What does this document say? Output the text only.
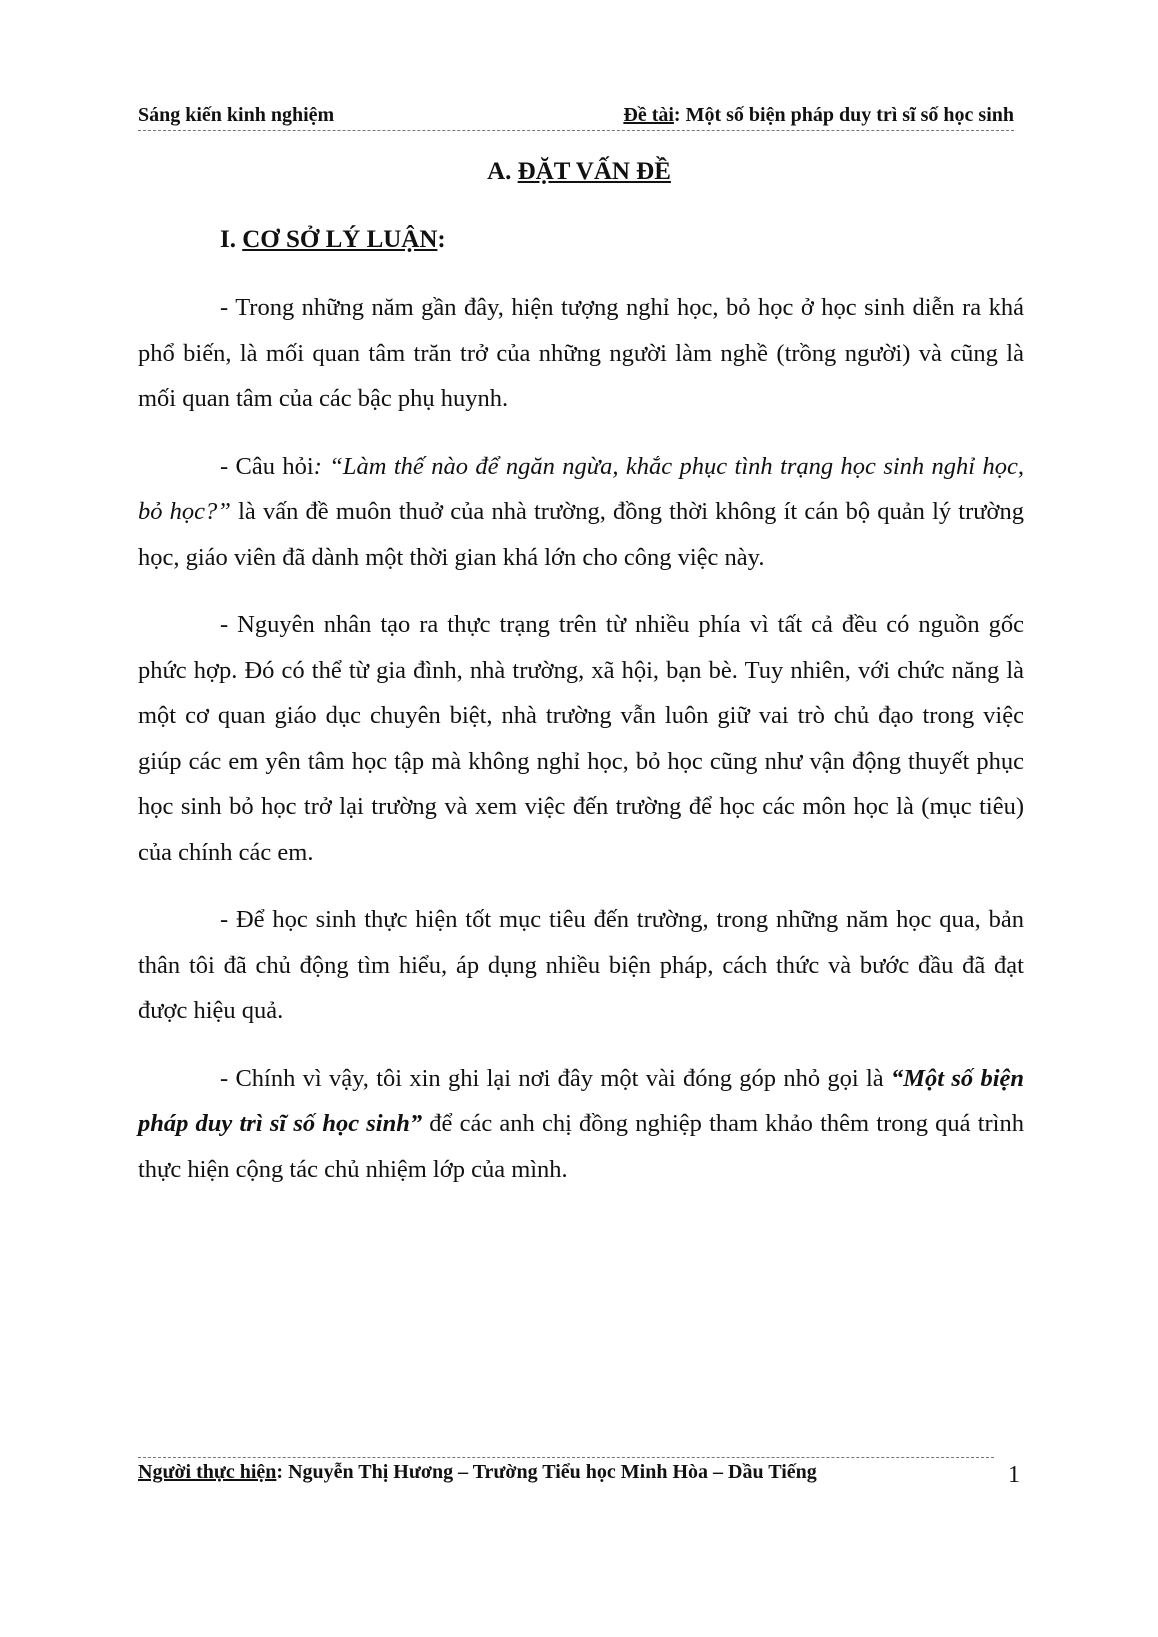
Sáng kiến kinh nghiệm	Đề tài: Một số biện pháp duy trì sĩ số học sinh
A. ĐẶT VẤN ĐỀ
I. CƠ SỞ LÝ LUẬN:

- Trong những năm gần đây, hiện tượng nghỉ học, bỏ học ở học sinh diễn ra khá phổ biến, là mối quan tâm trăn trở của những người làm nghề (trồng người) và cũng là mối quan tâm của các bậc phụ huynh.

- Câu hỏi: “Làm thế nào để ngăn ngừa, khắc phục tình trạng học sinh nghỉ học, bỏ học?” là vấn đề muôn thuở của nhà trường, đồng thời không ít cán bộ quản lý trường học, giáo viên đã dành một thời gian khá lớn cho công việc này.

- Nguyên nhân tạo ra thực trạng trên từ nhiều phía vì tất cả đều có nguồn gốc phức hợp. Đó có thể từ gia đình, nhà trường, xã hội, bạn bè. Tuy nhiên, với chức năng là một cơ quan giáo dục chuyên biệt, nhà trường vẫn luôn giữ vai trò chủ đạo trong việc giúp các em yên tâm học tập mà không nghỉ học, bỏ học cũng như vận động thuyết phục học sinh bỏ học trở lại trường và xem việc đến trường để học các môn học là (mục tiêu) của chính các em.

- Để học sinh thực hiện tốt mục tiêu đến trường, trong những năm học qua, bản thân tôi đã chủ động tìm hiểu, áp dụng nhiều biện pháp, cách thức và bước đầu đã đạt được hiệu quả.

- Chính vì vậy, tôi xin ghi lại nơi đây một vài đóng góp nhỏ gọi là “Một số biện pháp duy trì sĩ số học sinh” để các anh chị đồng nghiệp tham khảo thêm trong quá trình thực hiện cộng tác chủ nhiệm lớp của mình.

Người thực hiện: Nguyễn Thị Hương – Trường Tiểu học Minh Hòa – Dầu Tiếng	1
